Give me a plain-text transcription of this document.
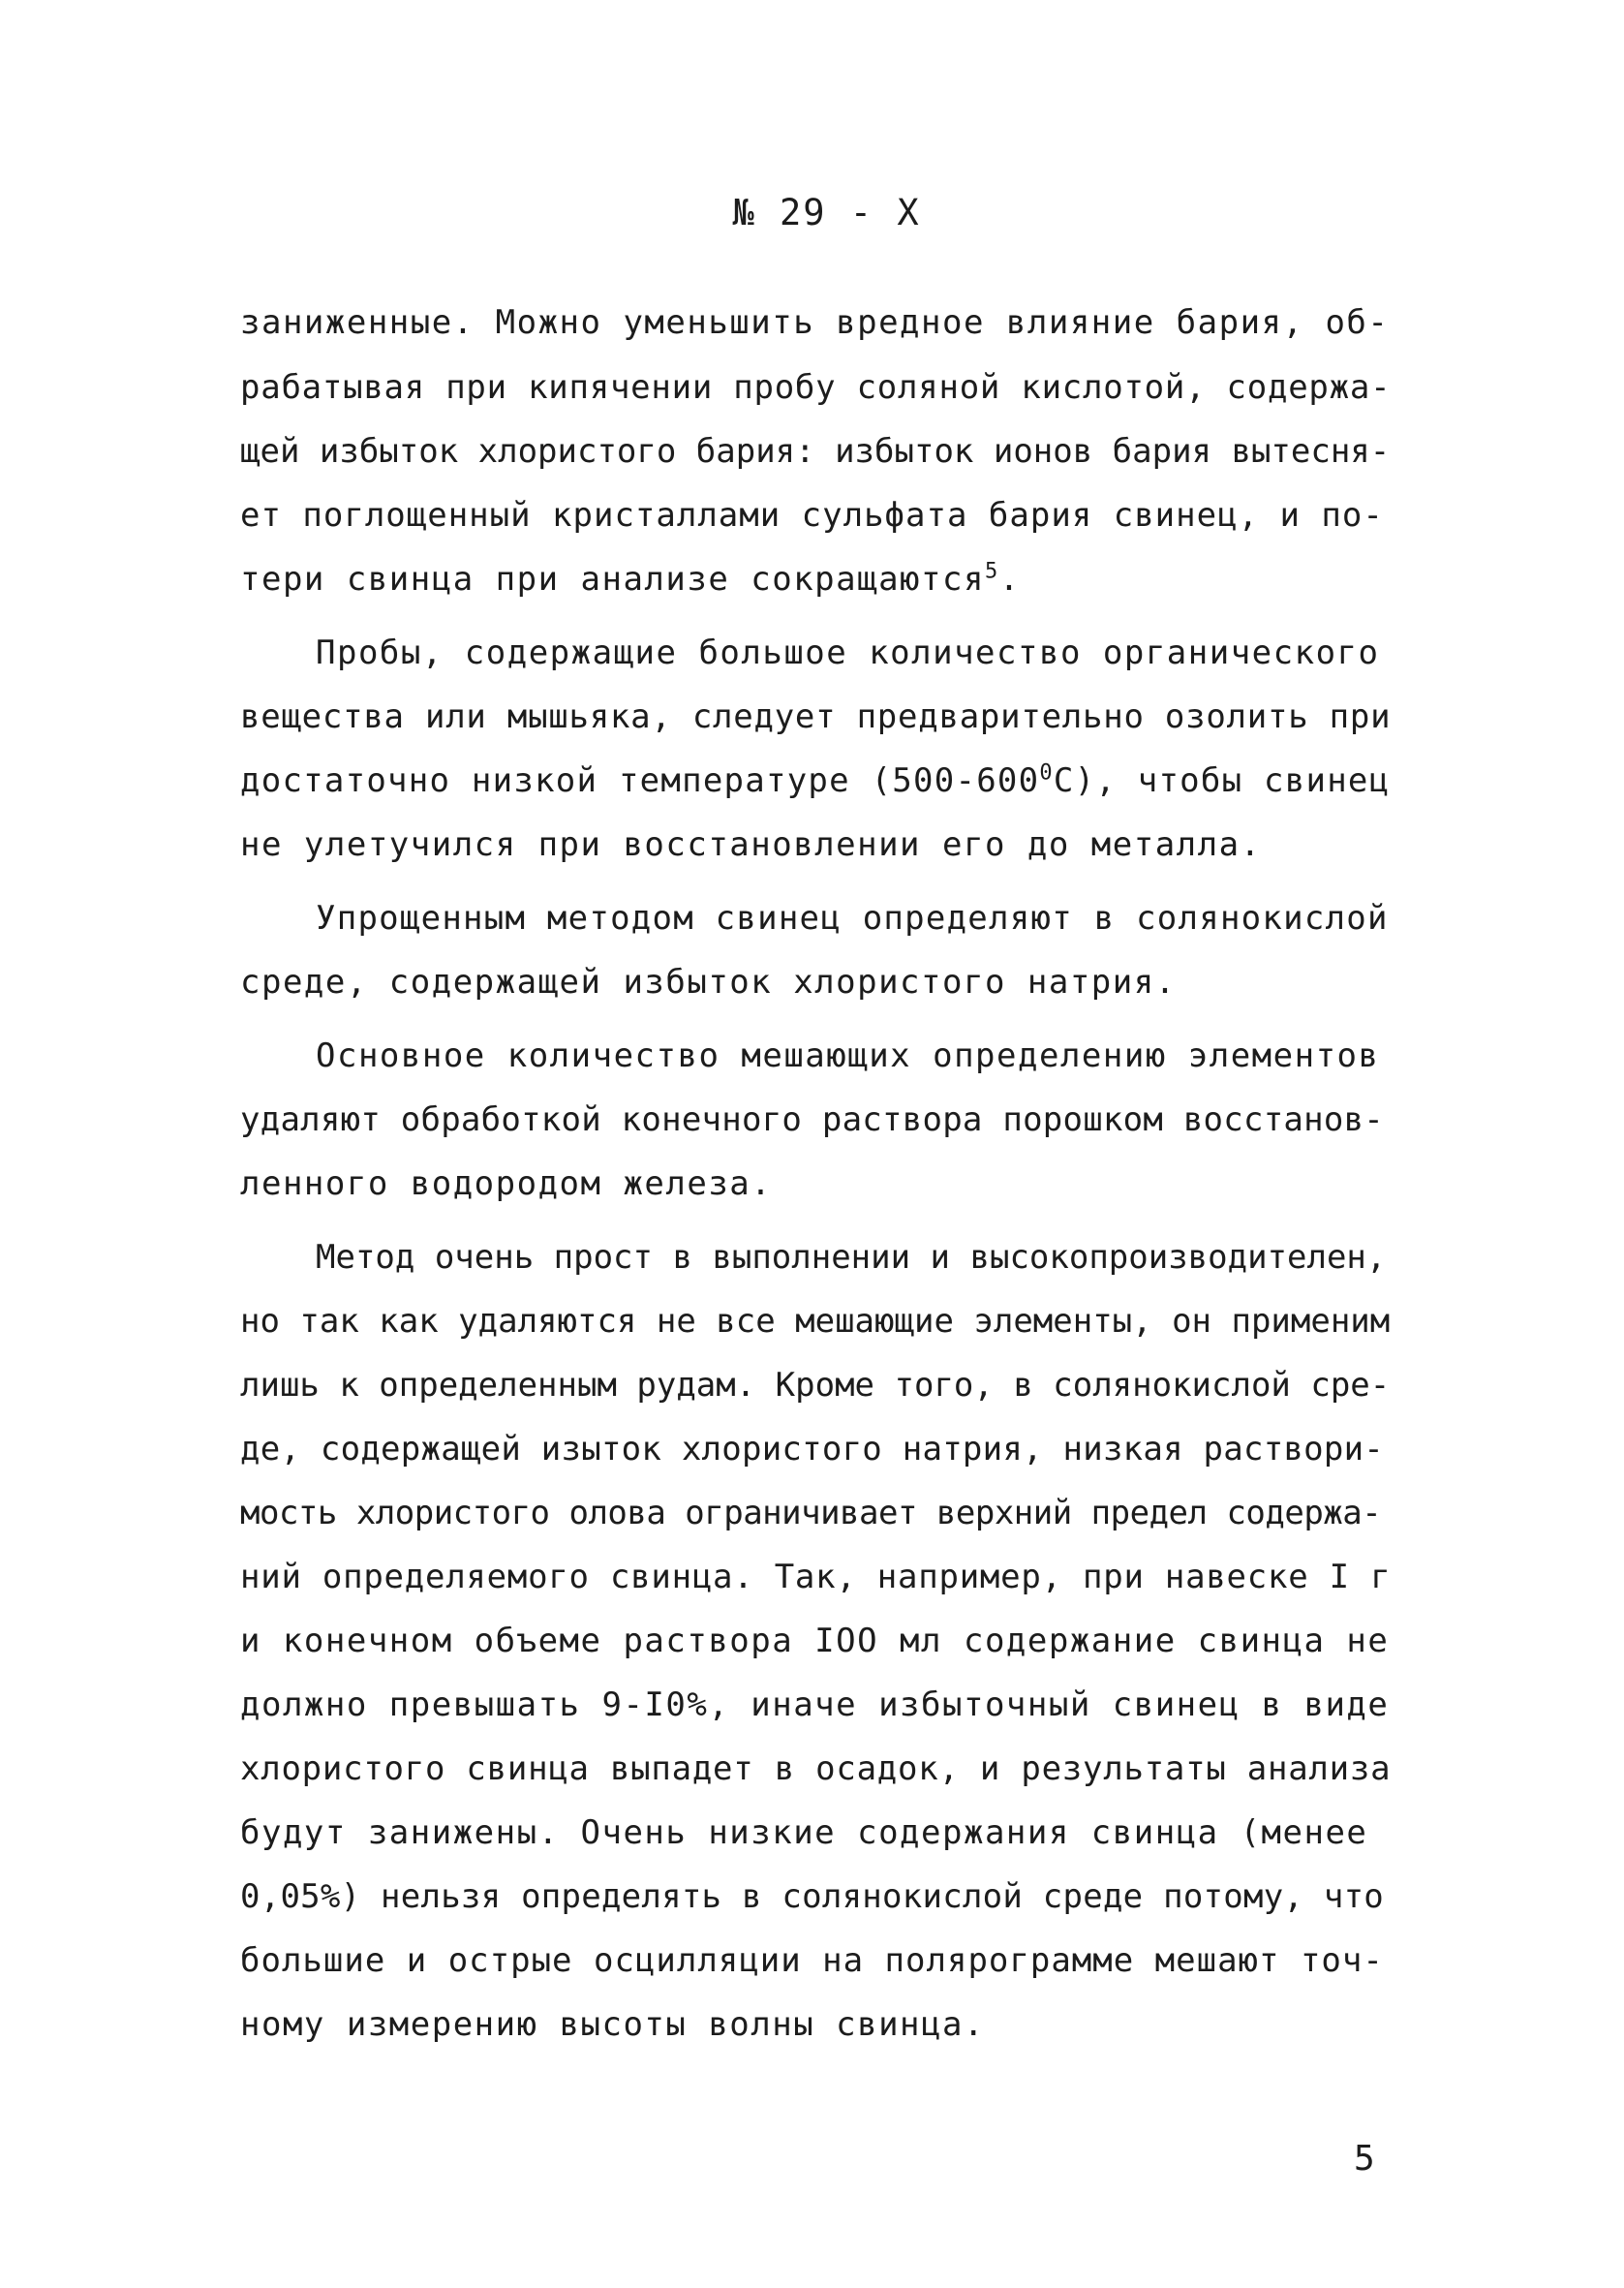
№ 29 - X
заниженные. Можно уменьшить вредное влияние бария, об-
рабатывая при кипячении пробу соляной кислотой, содержа-
щей избыток хлористого бария: избыток ионов бария вытесня-
ет поглощенный кристаллами сульфата бария свинец, и по-
тери свинца при анализе сокращаются$^5$.
Пробы, содержащие большое количество органического
вещества или мышьяка, следует предварительно озолить при
достаточно низкой температуре $(500-600^0С)$, чтобы свинец
не улетучился при восстановлении его до металла.
Упрощенным методом свинец определяют в солянокислой
среде, содержащей избыток хлористого натрия.
Основное количество мешающих определению элементов
удаляют обработкой конечного раствора порошком восстанов-
ленного водородом железа.
Метод очень прост в выполнении и высокопроизводителен,
но так как удаляются не все мешающие элементы, он применим
лишь к определенным рудам. Кроме того, в солянокислой сре-
де, содержащей изыток хлористого натрия, низкая раствори-
мость хлористого олова ограничивает верхний предел содержа-
ний определяемого свинца. Так, например, при навеске I г
и конечном объеме раствора IOO мл содержание свинца не
должно превышать 9-I0%, иначе избыточный свинец в виде
хлористого свинца выпадет в осадок, и результаты анализа
будут занижены. Очень низкие содержания свинца (менее
0,05%) нельзя определять в солянокислой среде потому, что
большие и острые осцилляции на полярограмме мешают точ-
ному измерению высоты волны свинца.
5
